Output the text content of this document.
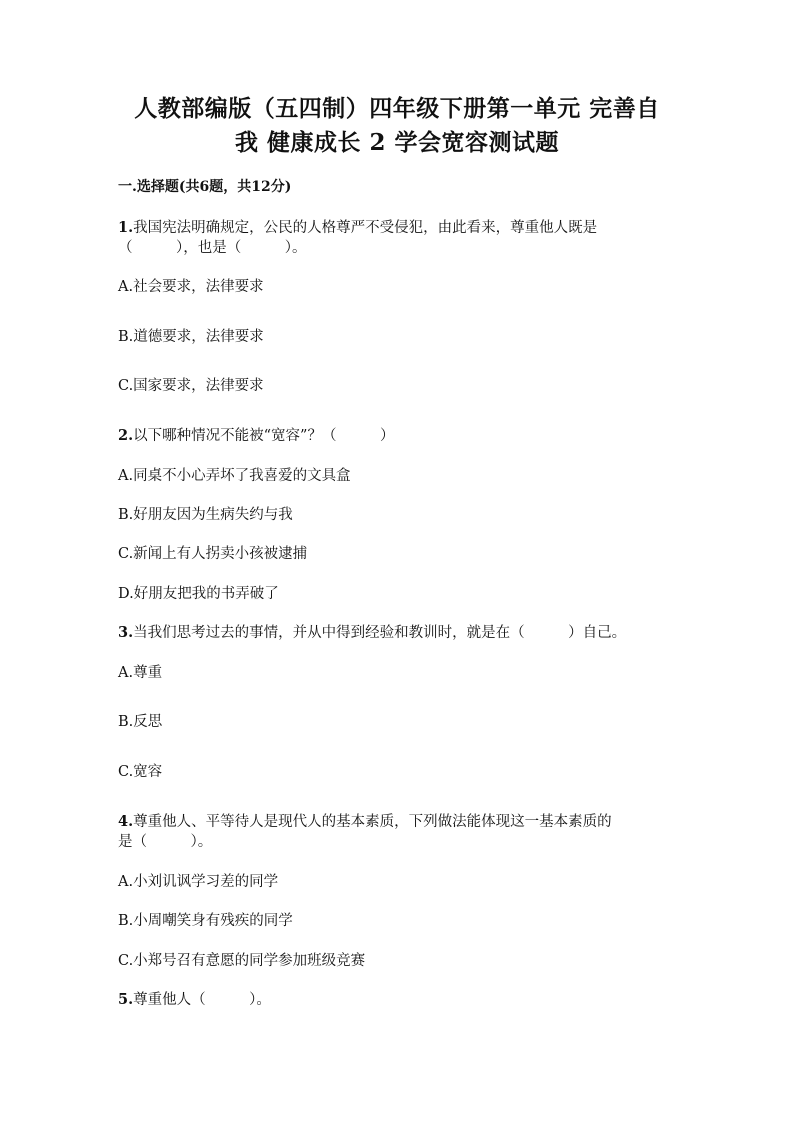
人教部编版（五四制）四年级下册第一单元 完善自
我 健康成长 2 学会宽容测试题
一.选择题(共6题，共12分)
1.我国宪法明确规定，公民的人格尊严不受侵犯，由此看来，尊重他人既是
（　　　），也是（　　　）。
A.社会要求，法律要求
B.道德要求，法律要求
C.国家要求，法律要求
2.以下哪种情况不能被“宽容”？（　　　）
A.同桌不小心弄坏了我喜爱的文具盒
B.好朋友因为生病失约与我
C.新闻上有人拐卖小孩被逮捕
D.好朋友把我的书弄破了
3.当我们思考过去的事情，并从中得到经验和教训时，就是在（　　　）自己。
A.尊重
B.反思
C.宽容
4.尊重他人、平等待人是现代人的基本素质，下列做法能体现这一基本素质的
是（　　　）。
A.小刘讥讽学习差的同学
B.小周嘲笑身有残疾的同学
C.小郑号召有意愿的同学参加班级竞赛
5.尊重他人（　　　）。
